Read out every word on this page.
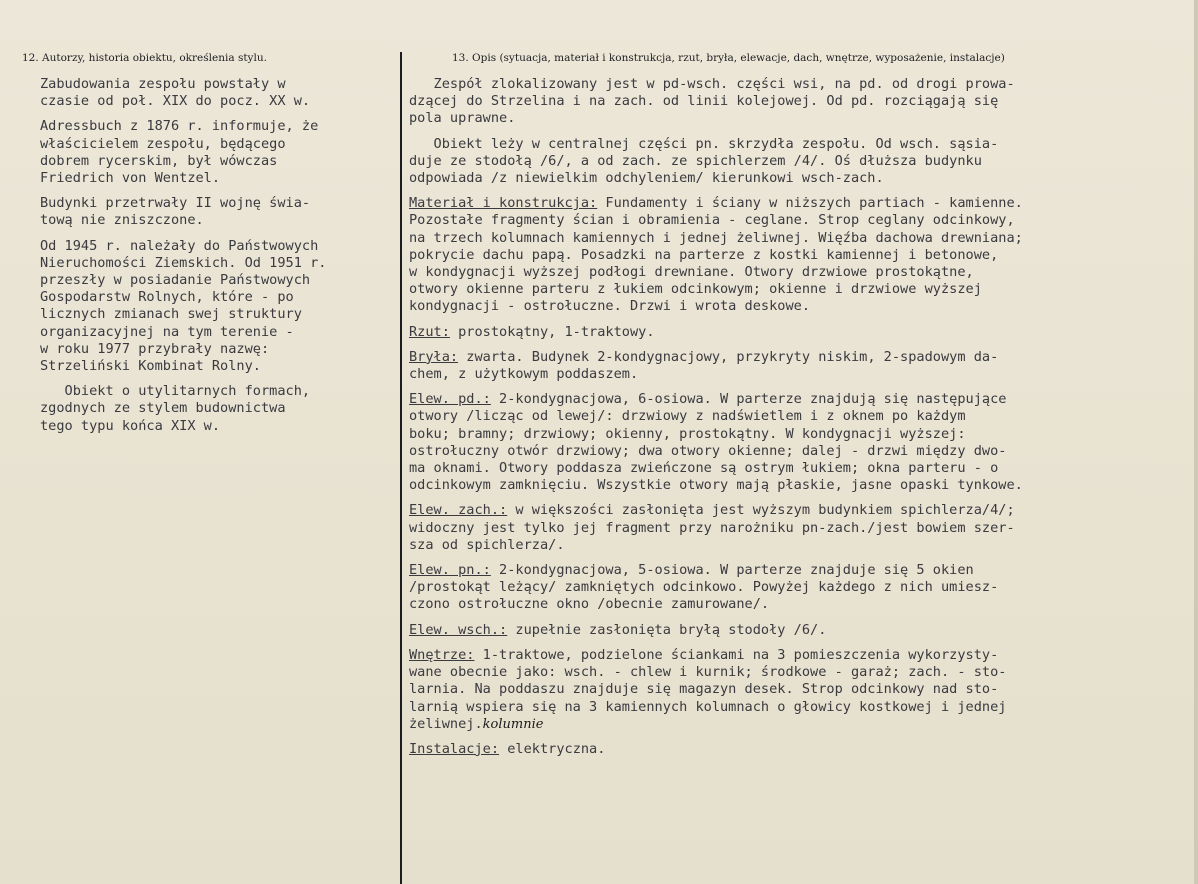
12. Autorzy, historia obiektu, określenia stylu.	13. Opis (sytuacja, materiał i konstrukcja, rzut, bryła, elewacje, dach, wnętrze, wyposażenie, instalacje)
Zabudowania zespołu powstały w
czasie od poł. XIX do pocz. XX w.
Adressbuch z 1876 r. informuje, że
właścicielem zespołu, będącego
dobrem rycerskim, był wówczas
Friedrich von Wentzel.
Budynki przetrwały II wojnę świa-
tową nie zniszczone.
Od 1945 r. należały do Państwowych
Nieruchomości Ziemskich. Od 1951 r.
przeszły w posiadanie Państwowych
Gospodarstw Rolnych, które - po
licznych zmianach swej struktury
organizacyjnej na tym terenie -
w roku 1977 przybrały nazwę:
Strzeliński Kombinat Rolny.
Obiekt o utylitarnych formach,
zgodnych ze stylem budownictwa
tego typu końca XIX w.
Zespół zlokalizowany jest w pd-wsch. części wsi, na pd. od drogi prowa-
dzącej do Strzelina i na zach. od linii kolejowej. Od pd. rozciągają się
pola uprawne.
Obiekt leży w centralnej części pn. skrzydła zespołu. Od wsch. sąsia-
duje ze stodołą /6/, a od zach. ze spichlerzem /4/. Oś dłuższa budynku
odpowiada /z niewielkim odchyleniem/ kierunkowi wsch-zach.
Materiał i konstrukcja: Fundamenty i ściany w niższych partiach - kamienne.
Pozostałe fragmenty ścian i obramienia - ceglane. Strop ceglany odcinkowy,
na trzech kolumnach kamiennych i jednej żeliwnej. Więźba dachowa drewniana;
pokrycie dachu papą. Posadzki na parterze z kostki kamiennej i betonowe,
w kondygnacji wyższej podłogi drewniane. Otwory drzwiowe prostokątne,
otwory okienne parteru z łukiem odcinkowym; okienne i drzwiowe wyższej
kondygnacji - ostrołuczne. Drzwi i wrota deskowe.
Rzut: prostokątny, 1-traktowy.
Bryła: zwarta. Budynek 2-kondygnacjowy, przykryty niskim, 2-spadowym da-
chem, z użytkowym poddaszem.
Elew. pd.: 2-kondygnacjowa, 6-osiowa. W parterze znajdują się następujące
otwory /licząc od lewej/: drzwiowy z nadświetlem i z oknem po każdym
boku; bramny; drzwiowy; okienny, prostokątny. W kondygnacji wyższej:
ostrołuczny otwór drzwiowy; dwa otwory okienne; dalej - drzwi między dwo-
ma oknami. Otwory poddasza zwieńczone są ostrym łukiem; okna parteru - o
odcinkowym zamknięciu. Wszystkie otwory mają płaskie, jasne opaski tynkowe.
Elew. zach.: w większości zasłonięta jest wyższym budynkiem spichlerza/4/;
widoczny jest tylko jej fragment przy narożniku pn-zach./jest bowiem szer-
sza od spichlerza/.
Elew. pn.: 2-kondygnacjowa, 5-osiowa. W parterze znajduje się 5 okien
/prostokąt leżący/ zamkniętych odcinkowo. Powyżej każdego z nich umiesz-
czono ostrołuczne okno /obecnie zamurowane/.
Elew. wsch.: zupełnie zasłonięta bryłą stodoły /6/.
Wnętrze: 1-traktowe, podzielone ściankami na 3 pomieszczenia wykorzysty-
wane obecnie jako: wsch. - chlew i kurnik; środkowe - garaż; zach. - sto-
larnia. Na poddaszu znajduje się magazyn desek. Strop odcinkowy nad sto-
larnią wspiera się na 3 kamiennych kolumnach o głowicy kostkowej i jednej
żeliwnej.kolumnie
Instalacje: elektryczna.
